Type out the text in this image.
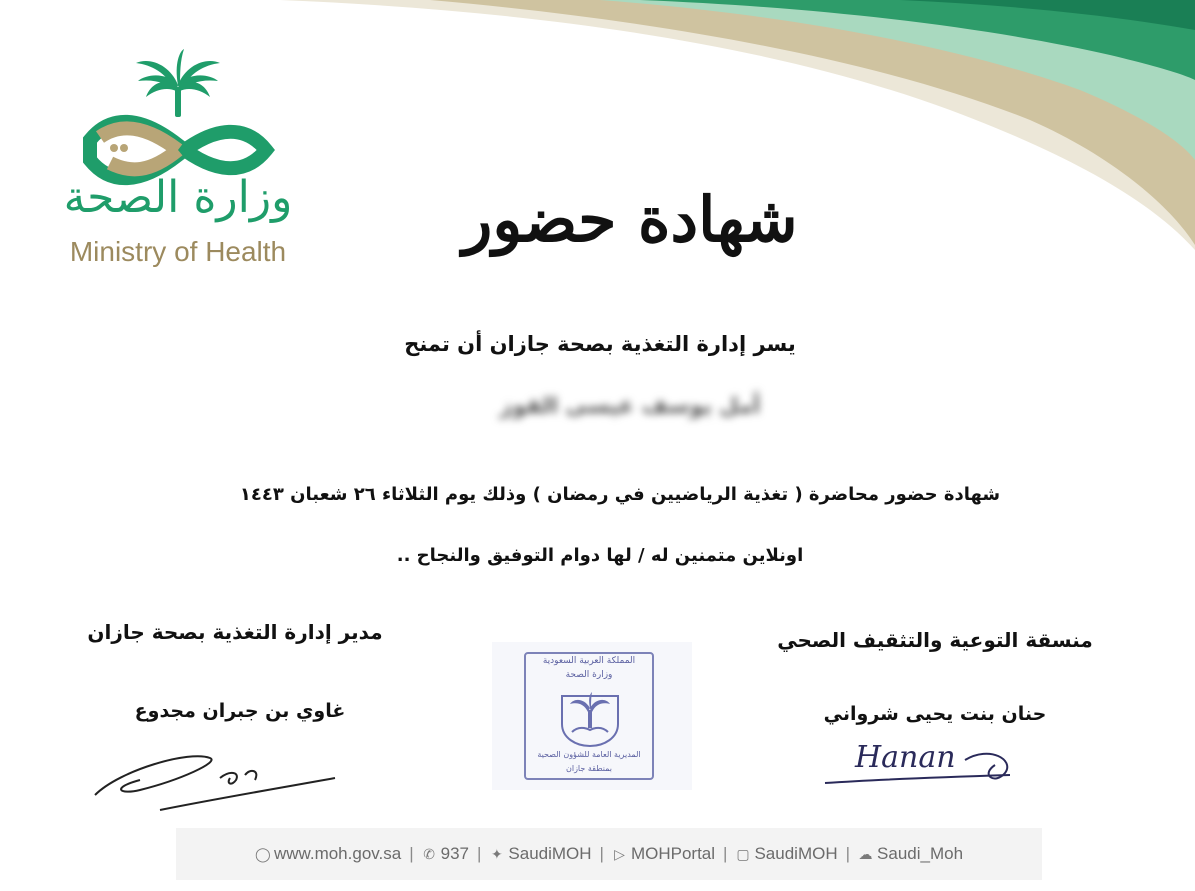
وزارة الصحة
Ministry of Health	شهادة حضور
يسر إدارة التغذية بصحة جازان أن تمنح
أمل يوسف عيسى القوز
شهادة حضور محاضرة ( تغذية الرياضيين في رمضان ) وذلك يوم الثلاثاء ٢٦ شعبان ١٤٤٣
اونلاين متمنين له / لها دوام التوفيق والنجاح ..
مدير إدارة التغذية بصحة جازان
غاوي بن جبران مجدوع
منسقة التوعية والتثقيف الصحي
حنان بنت يحيى شرواني
Hanan
المملكة العربية السعودية
وزارة الصحة
المديرية العامة للشؤون الصحية
بمنطقة جازان
◯ www.moh.gov.sa | ✆ 937 | ✦ SaudiMOH | ▷ MOHPortal | ▢ SaudiMOH | ☁ Saudi_Moh
